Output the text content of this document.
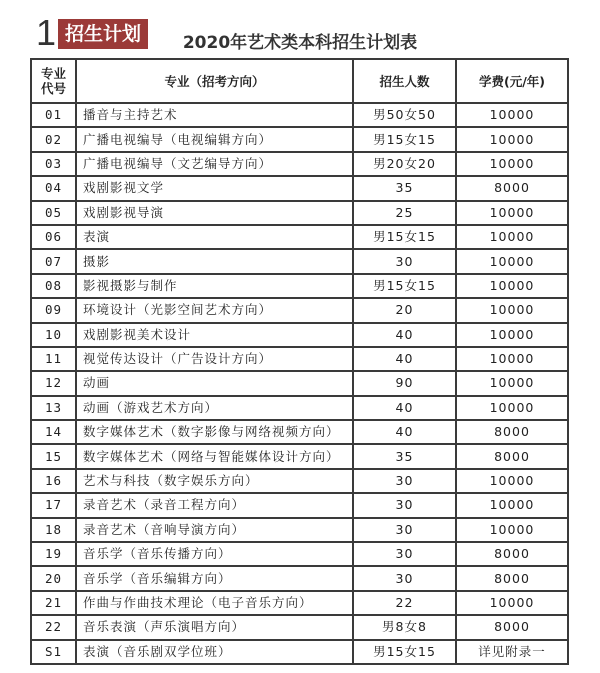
1 招生计划	2020年艺术类本科招生计划表
专业
代号	专业（招考方向）	招生人数	学费(元/年)
01	播音与主持艺术	男50女50	10000
02	广播电视编导（电视编辑方向）	男15女15	10000
03	广播电视编导（文艺编导方向）	男20女20	10000
04	戏剧影视文学	35	8000
05	戏剧影视导演	25	10000
06	表演	男15女15	10000
07	摄影	30	10000
08	影视摄影与制作	男15女15	10000
09	环境设计（光影空间艺术方向）	20	10000
10	戏剧影视美术设计	40	10000
11	视觉传达设计（广告设计方向）	40	10000
12	动画	90	10000
13	动画（游戏艺术方向）	40	10000
14	数字媒体艺术（数字影像与网络视频方向）	40	8000
15	数字媒体艺术（网络与智能媒体设计方向）	35	8000
16	艺术与科技（数字娱乐方向）	30	10000
17	录音艺术（录音工程方向）	30	10000
18	录音艺术（音响导演方向）	30	10000
19	音乐学（音乐传播方向）	30	8000
20	音乐学（音乐编辑方向）	30	8000
21	作曲与作曲技术理论（电子音乐方向）	22	10000
22	音乐表演（声乐演唱方向）	男8女8	8000
S1	表演（音乐剧双学位班）	男15女15	详见附录一
